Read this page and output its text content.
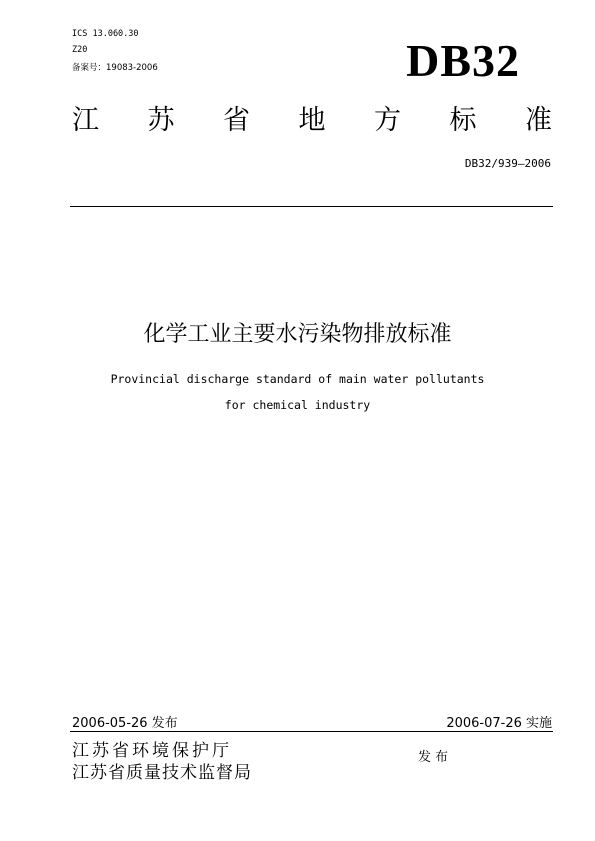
ICS 13.060.30
Z20
备案号：19083-2006	DB32
江 苏 省 地 方 标 准
DB32/939—2006
化学工业主要水污染物排放标准
Provincial discharge standard of main water pollutants
for chemical industry
2006-05-26 发布	2006-07-26 实施
江苏省环境保护厅
江苏省质量技术监督局
发布
